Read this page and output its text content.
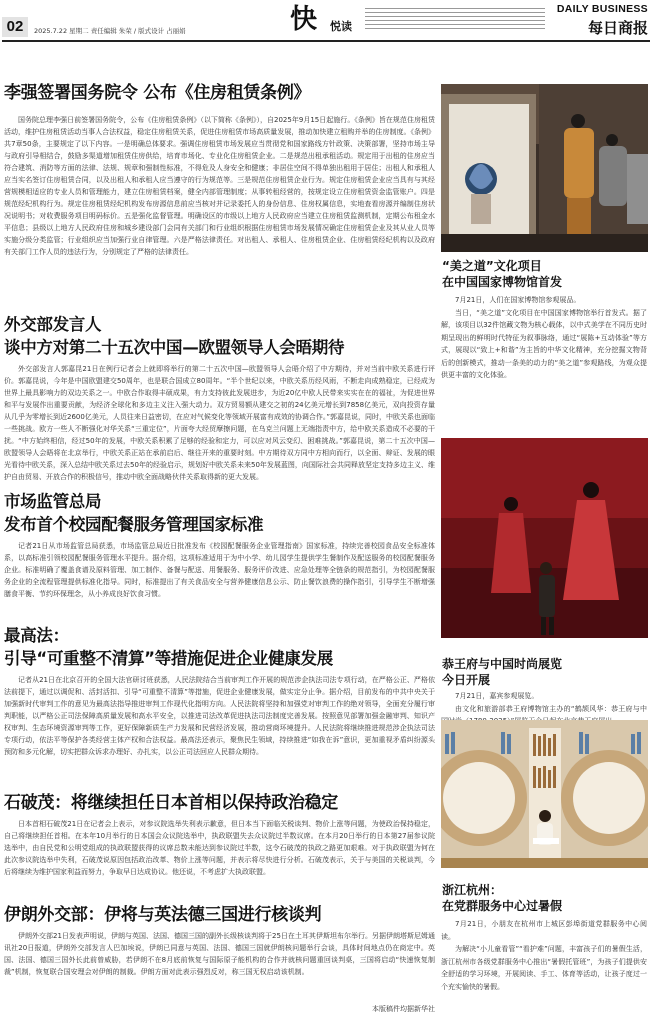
02	2025.7.22 星期二 责任编辑 朱荣 / 版式设计 占丽娟	快 悦读
DAILY BUSINESS
每日商报
李强签署国务院令 公布《住房租赁条例》

国务院总理李强日前签署国务院令，公布《住房租赁条例》（以下简称《条例》），自2025年9月15日起施行。《条例》旨在规范住房租赁活动，维护住房租赁活动当事人合法权益，稳定住房租赁关系，促进住房租赁市场高质量发展，推动加快建立租购并举的住房制度。《条例》共7章50条，主要规定了以下内容。一是明确总体要求。强调住房租赁市场发展应当贯彻党和国家路线方针政策、决策部署，坚持市场主导与政府引导相结合，鼓励多渠道增加租赁住房供给，培育市场化、专业化住房租赁企业。二是规范出租承租活动。规定用于出租的住房应当符合建筑、消防等方面的法律、法规、规章和强制性标准，不得危及人身安全和健康；非居住空间不得单独出租用于居住；出租人和承租人应当实名签订住房租赁合同，以及出租人和承租人应当遵守的行为规范等。三是规范住房租赁企业行为。规定住房租赁企业应当具有与其经营规模相适应的专业人员和管理能力，建立住房租赁档案，健全内部管理制度；从事转租经营的，按规定设立住房租赁资金监管账户。四是规范经纪机构行为。规定住房租赁经纪机构发布房源信息前应当核对并记录委托人的身份信息、住房权属信息，实地查看房源并编制住房状况说明书；对收费服务项目明码标价。五是强化监督管理。明确设区的市级以上地方人民政府应当建立住房租赁监测机制，定期公布租金水平信息；县级以上地方人民政府住房和城乡建设部门会同有关部门和行业组织根据住房租赁市场发展情况确定住房租赁企业及其从业人员等实施分级分类监管；行业组织应当加强行业自律管理。六是严格法律责任。对出租人、承租人、住房租赁企业、住房租赁经纪机构以及政府有关部门工作人员的违法行为，分别规定了严格的法律责任。

外交部发言人
谈中方对第二十五次中国—欧盟领导人会晤期待

外交部发言人郭嘉昆21日在例行记者会上就即将举行的第二十五次中国—欧盟领导人会晤介绍了中方期待，并对当前中欧关系进行评价。郭嘉昆说，今年是中国欧盟建交50周年，也是联合国成立80周年。“半个世纪以来，中欧关系历经风雨，不断走向成熟稳定，已经成为世界上最具影响力的双边关系之一。中欧合作取得丰硕成果，有力支持彼此发展进步，为近20亿中欧人民带来实实在在的福祉，为促进世界和平与发展作出重要贡献，为经济全球化和多边主义注入强大动力。双方贸易额从建交之初的24亿美元增长到7858亿美元，双向投资存量从几乎为零增长到近2600亿美元，人员往来日益密切，在应对气候变化等领域开展富有成效的协调合作。”郭嘉昆说，同时，中欧关系也面临一些挑战。欧方一些人不断强化对华关系“三重定位”，片面夸大经贸摩擦问题，在乌克兰问题上无端指责中方，给中欧关系造成不必要的干扰。“中方始终相信，经过50年的发展，中欧关系积累了足够的经验和定力，可以应对风云变幻、困难挑战。”郭嘉昆说，第二十五次中国—欧盟领导人会晤将在北京举行，中欧关系正站在承前启后、继往开来的重要时刻。中方期待双方同中方相向而行，以全面、辩证、发展的眼光看待中欧关系，深入总结中欧关系过去50年的经验启示，规划好中欧关系未来50年发展蓝图，向国际社会共同释放坚定支持多边主义、维护自由贸易、开放合作的积极信号，推动中欧全面战略伙伴关系取得新的更大发展。

市场监管总局
发布首个校园配餐服务管理国家标准

记者21日从市场监管总局获悉，市场监管总局近日批准发布《校园配餐服务企业管理指南》国家标准，持续完善校园食品安全标准体系，以高标准引领校园配餐服务管理水平提升。据介绍，这项标准适用于为中小学、幼儿园学生提供学生餐制作及配送服务的校园配餐服务企业。标准明确了覆盖食谱及原料管理、加工制作、备餐与配送、用餐服务、服务评价改进、应急处理等全链条的规范指引，为校园配餐服务企业的全流程管理提供标准化指导。同时，标准提出了有关食品安全与营养健康信息公示、防止餐饮浪费的操作指引，引导学生不断增强膳食平衡、节约环保理念，从小养成良好饮食习惯。

最高法：
引导“可重整不清算”等措施促进企业健康发展

记者从21日在北京召开的全国大法官研讨班获悉，人民法院结合当前审判工作开展的规范涉企执法司法专项行动，在严格公正、严格依法前提下，通过以调促和、活封活扣、引导“可重整不清算”等措施，促进企业健康发展，做实定分止争。据介绍，目前发布的中共中央关于加强新时代审判工作的意见为最高法指导推进审判工作现代化指明方向。人民法院将坚持和加强党对审判工作的绝对领导，全面充分履行审判职能，以严格公正司法保障高质量发展和高水平安全，以推进司法改革促进执法司法制度完善发展。按照意见部署加强金融审判、知识产权审判、生态环境资源审判等工作，更好保障新质生产力发展和民营经济发展，推动营商环境提升。人民法院将继续推进规范涉企执法司法专项行动，依法平等保护各类经营主体产权和合法权益。最高法还表示，聚焦民生领域，持续推进“如我在诉”意识，更加重视矛盾纠纷源头预防和多元化解，切实把群众诉求办理好、办扎实，以公正司法回应人民群众期待。

石破茂：将继续担任日本首相以保持政治稳定

日本首相石破茂21日在记者会上表示，对参议院选举失利表示歉意，但日本当下面临关税谈判、物价上涨等问题，为使政治保持稳定，自己将继续担任首相。在本年10月举行的日本国会众议院选举中，执政联盟失去众议院过半数议席。在本月20日举行的日本第27届参议院选举中，由自民党和公明党组成的执政联盟获得的议席总数未能达到参议院过半数，这令石破茂的执政之路更加艰难。对于执政联盟为何在此次参议院选举中失利，石破茂说原因包括政治改革、物价上涨等问题，并表示将尽快进行分析。石破茂表示，关于与美国的关税谈判，今后将继续为维护国家利益而努力，争取早日达成协议。他还说，不考虑扩大执政联盟。

伊朗外交部：伊将与英法德三国进行核谈判

伊朗外交部21日发表声明说，伊朗与英国、法国、德国三国的副外长级核谈判将于25日在土耳其伊斯坦布尔举行。另据伊朗塔斯尼姆通讯社20日报道，伊朗外交部发言人巴加埃说，伊朗已同意与英国、法国、德国三国就伊朗核问题举行会谈，具体时间地点仍在商定中。英国、法国、德国三国外长此前曾威胁，若伊朗不在8月底前恢复与国际原子能机构的合作并就核问题重回谈判桌，三国将启动“快速恢复制裁”机制，恢复联合国安理会对伊朗的制裁。伊朗方面对此表示强烈反对，称三国无权启动该机制。

本版稿件均据新华社
“美之道”文化项目
在中国国家博物馆首发

7月21日，人们在国家博物馆参观展品。

当日，“美之道”文化项目在中国国家博物馆举行首发式。据了解，该项目以32件馆藏文物为核心载体，以中式美学在不同历史时期呈现出的鲜明时代特征为叙事脉络，通过“展陈+互动体验”等方式，展现以“致上+和谐”为主旨的中华文化精神，充分挖掘文物背后的创新模式，推动一条美的动力的“美之道”参观路线，为观众提供更丰富的文化体验。

恭王府与中国时尚展览
今日开展

7月21日，嘉宾参观展览。

由文化和旅游部恭王府博物馆主办的“鹤颉风华：恭王府与中

浙江杭州：
在党群服务中心过暑假

7月21日，小朋友在杭州市上城区彭埠街道党群服务中心阅读。

为解决“小儿童看管”“看护难”问题，丰富孩子们的暑假生活，浙江杭州市各级党群服务中心推出“暑假托管班”，为孩子们提供安全舒适的学习环境，开展阅读、手工、体育等活动，让孩子度过一个充实愉快的暑假。
